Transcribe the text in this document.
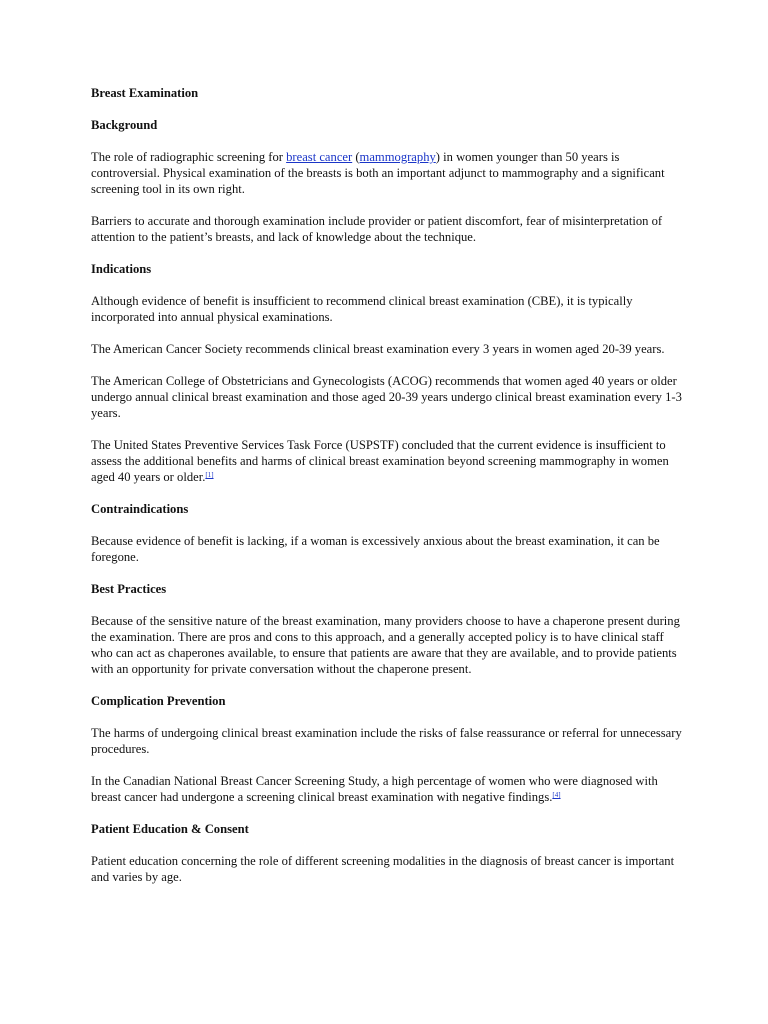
Breast Examination
Background

The role of radiographic screening for breast cancer (mammography) in women younger than 50 years is controversial. Physical examination of the breasts is both an important adjunct to mammography and a significant screening tool in its own right.

Barriers to accurate and thorough examination include provider or patient discomfort, fear of misinterpretation of attention to the patient’s breasts, and lack of knowledge about the technique.

Indications

Although evidence of benefit is insufficient to recommend clinical breast examination (CBE), it is typically incorporated into annual physical examinations.

The American Cancer Society recommends clinical breast examination every 3 years in women aged 20-39 years.

The American College of Obstetricians and Gynecologists (ACOG) recommends that women aged 40 years or older undergo annual clinical breast examination and those aged 20-39 years undergo clinical breast examination every 1-3 years.

The United States Preventive Services Task Force (USPSTF) concluded that the current evidence is insufficient to assess the additional benefits and harms of clinical breast examination beyond screening mammography in women aged 40 years or older.[1]

Contraindications

Because evidence of benefit is lacking, if a woman is excessively anxious about the breast examination, it can be foregone.

Best Practices

Because of the sensitive nature of the breast examination, many providers choose to have a chaperone present during the examination. There are pros and cons to this approach, and a generally accepted policy is to have clinical staff who can act as chaperones available, to ensure that patients are aware that they are available, and to provide patients with an opportunity for private conversation without the chaperone present.

Complication Prevention

The harms of undergoing clinical breast examination include the risks of false reassurance or referral for unnecessary procedures.

In the Canadian National Breast Cancer Screening Study, a high percentage of women who were diagnosed with breast cancer had undergone a screening clinical breast examination with negative findings.[4]

Patient Education & Consent

Patient education concerning the role of different screening modalities in the diagnosis of breast cancer is important and varies by age.
